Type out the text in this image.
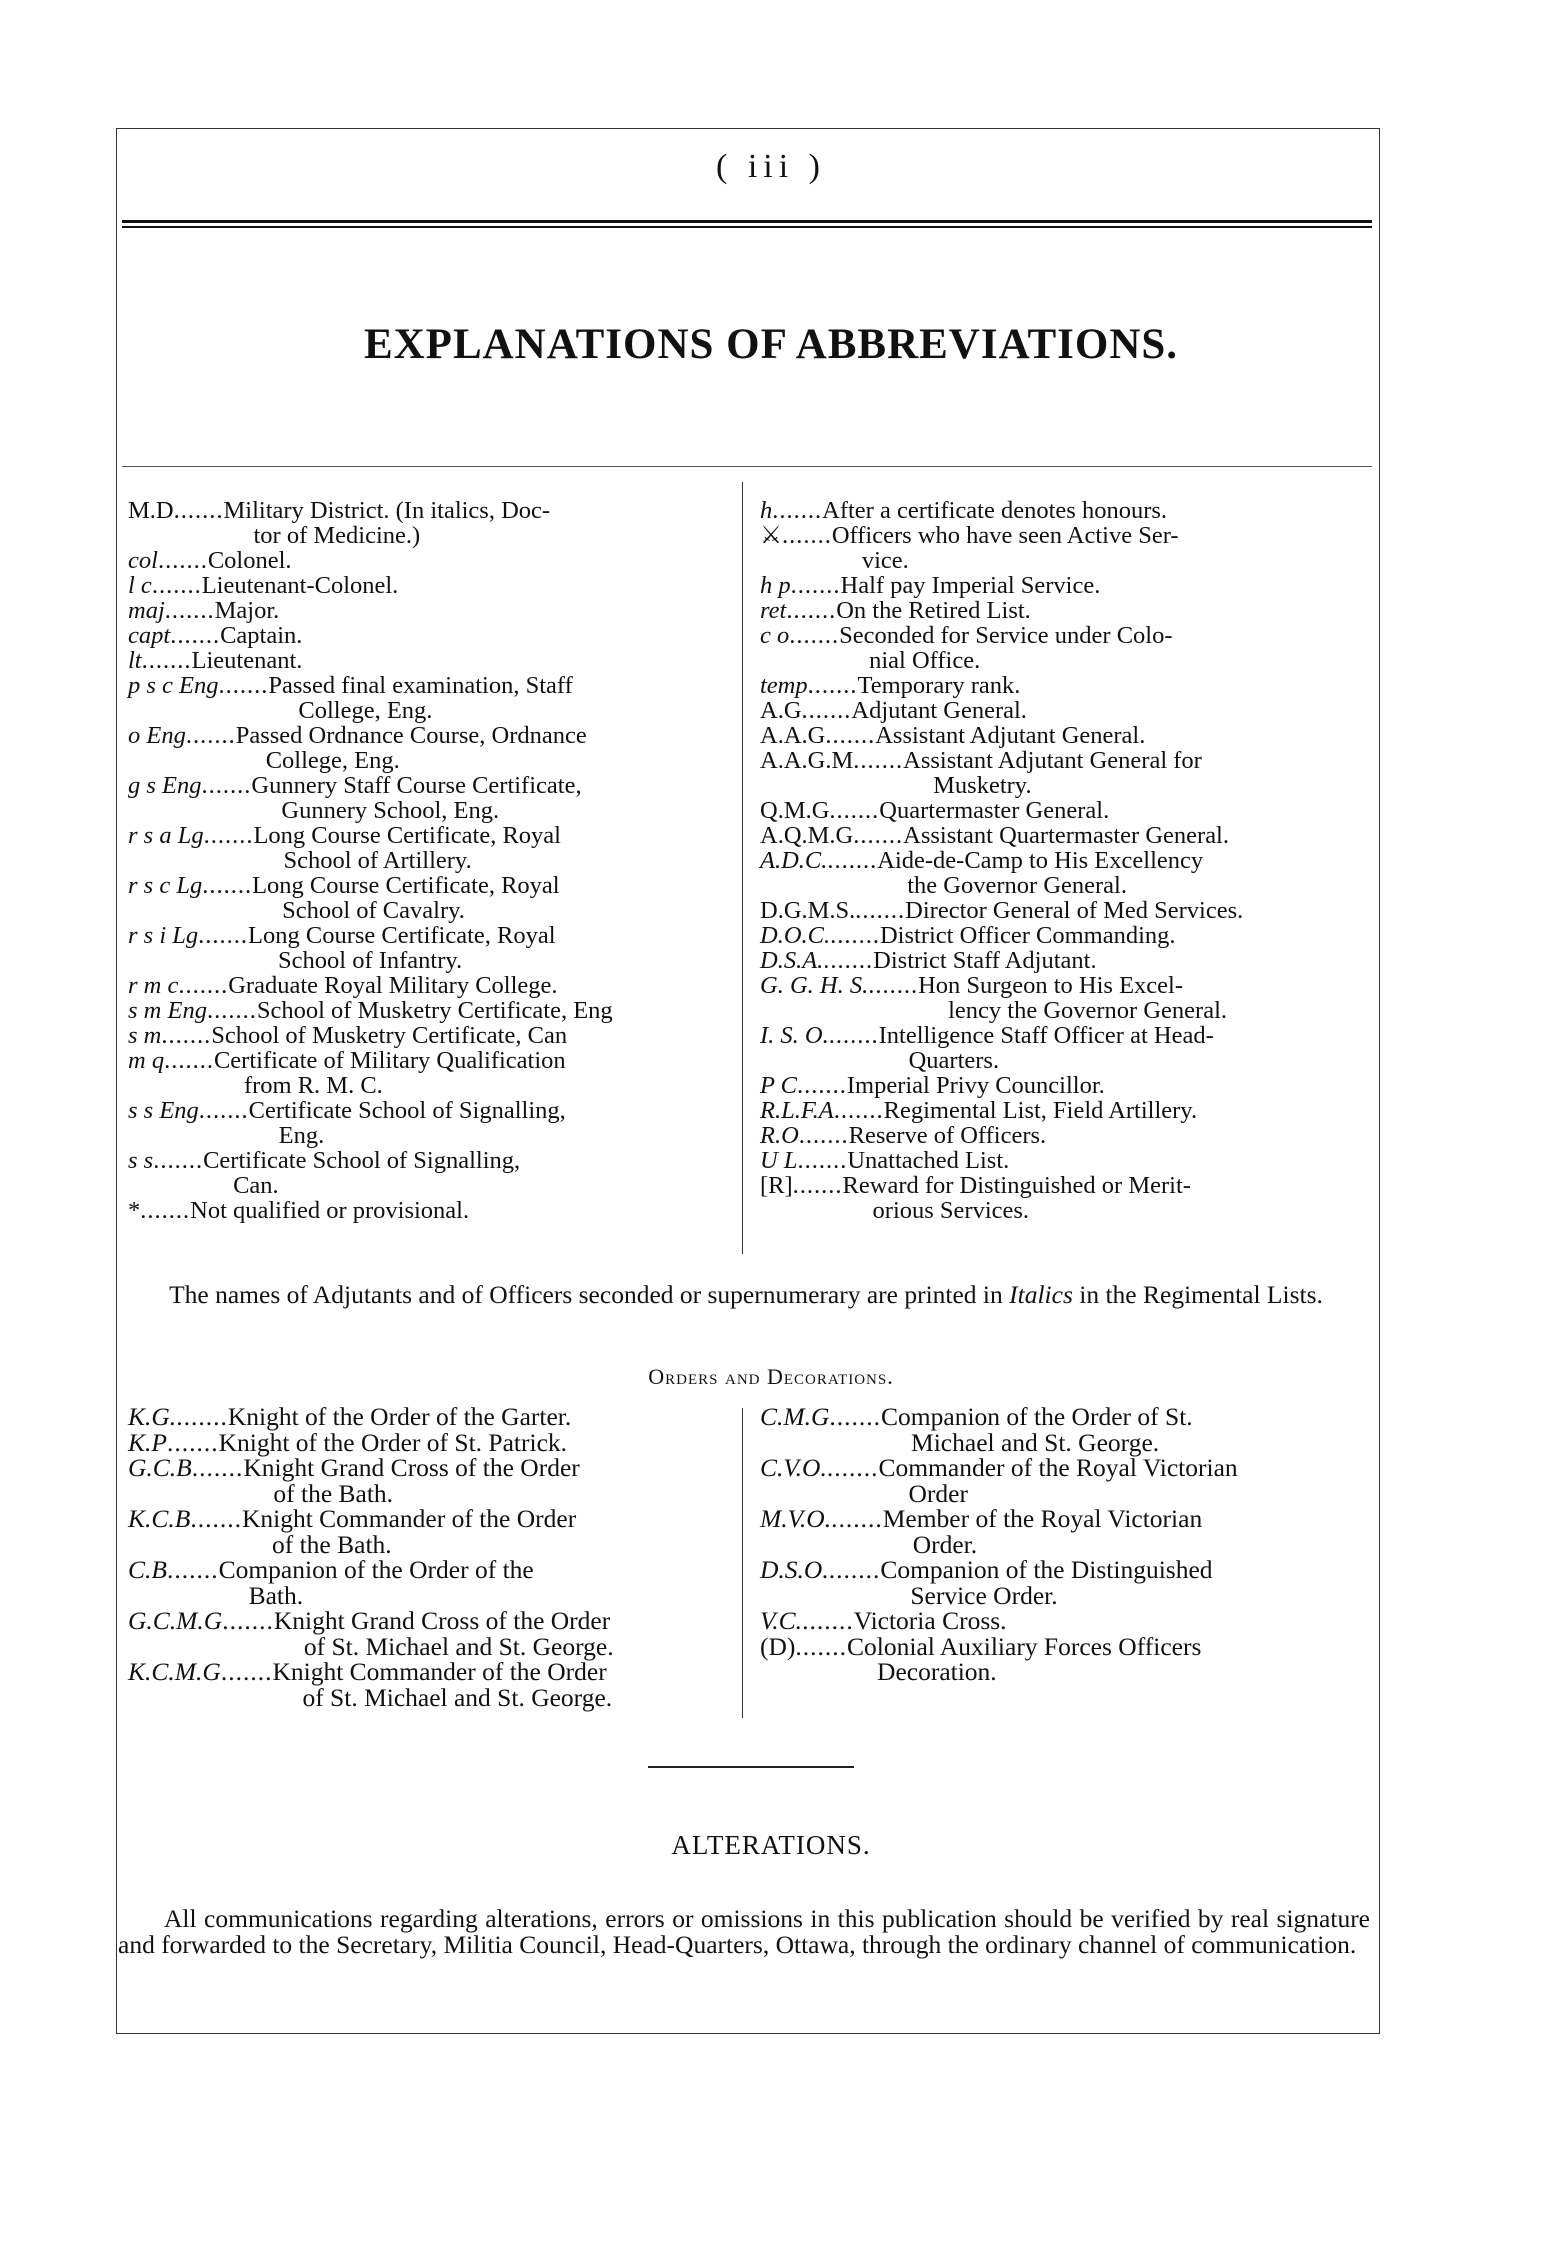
( iii )
EXPLANATIONS OF ABBREVIATIONS.
M.D ....... Military District. (In italics, Doc-
tor of Medicine.)
col ....... Colonel.
l c ....... Lieutenant-Colonel.
maj ....... Major.
capt ....... Captain.
lt ....... Lieutenant.
p s c Eng ....... Passed final examination, Staff
College, Eng.
o Eng ....... Passed Ordnance Course, Ordnance
College, Eng.
g s Eng ....... Gunnery Staff Course Certificate,
Gunnery School, Eng.
r s a Lg ....... Long Course Certificate, Royal
School of Artillery.
r s c Lg ....... Long Course Certificate, Royal
School of Cavalry.
r s i Lg ....... Long Course Certificate, Royal
School of Infantry.
r m c ....... Graduate Royal Military College.
s m Eng ....... School of Musketry Certificate, Eng
s m ....... School of Musketry Certificate, Can
m q ....... Certificate of Military Qualification
from R. M. C.
s s Eng ....... Certificate School of Signalling,
Eng.
s s ....... Certificate School of Signalling,
Can.
* ....... Not qualified or provisional.
h ....... After a certificate denotes honours.
⚔ ....... Officers who have seen Active Ser-
vice.
h p ....... Half pay Imperial Service.
ret ....... On the Retired List.
c o ....... Seconded for Service under Colo-
nial Office.
temp ....... Temporary rank.
A.G ....... Adjutant General.
A.A.G ....... Assistant Adjutant General.
A.A.G.M ....... Assistant Adjutant General for
Musketry.
Q.M.G ....... Quartermaster General.
A.Q.M.G ....... Assistant Quartermaster General.
A.D.C. ....... Aide-de-Camp to His Excellency
the Governor General.
D.G.M.S. ....... Director General of Med Services.
D.O.C. ....... District Officer Commanding.
D.S.A. ....... District Staff Adjutant.
G. G. H. S. ....... Hon Surgeon to His Excel-
lency the Governor General.
I. S. O. ....... Intelligence Staff Officer at Head-
Quarters.
P C ....... Imperial Privy Councillor.
R.L.F.A ....... Regimental List, Field Artillery.
R.O ....... Reserve of Officers.
U L ....... Unattached List.
[R] ....... Reward for Distinguished or Merit-
orious Services.
The names of Adjutants and of Officers seconded or supernumerary are printed in Italics in the Regimental Lists.
Orders and Decorations.
K.G. ....... Knight of the Order of the Garter.
K.P ....... Knight of the Order of St. Patrick.
G.C.B ....... Knight Grand Cross of the Order
of the Bath.
K.C.B ....... Knight Commander of the Order
of the Bath.
C.B ....... Companion of the Order of the
Bath.
G.C.M.G ....... Knight Grand Cross of the Order
of St. Michael and St. George.
K.C.M.G ....... Knight Commander of the Order
of St. Michael and St. George.
C.M.G ....... Companion of the Order of St.
Michael and St. George.
C.V.O. ....... Commander of the Royal Victorian
Order
M.V.O. ....... Member of the Royal Victorian
Order.
D.S.O. ....... Companion of the Distinguished
Service Order.
V.C. ....... Victoria Cross.
(D) ....... Colonial Auxiliary Forces Officers
Decoration.
ALTERATIONS.
All communications regarding alterations, errors or omissions in this publication should be verified by real signature and forwarded to the Secretary, Militia Council, Head-Quarters, Ottawa, through the ordinary channel of communication.
